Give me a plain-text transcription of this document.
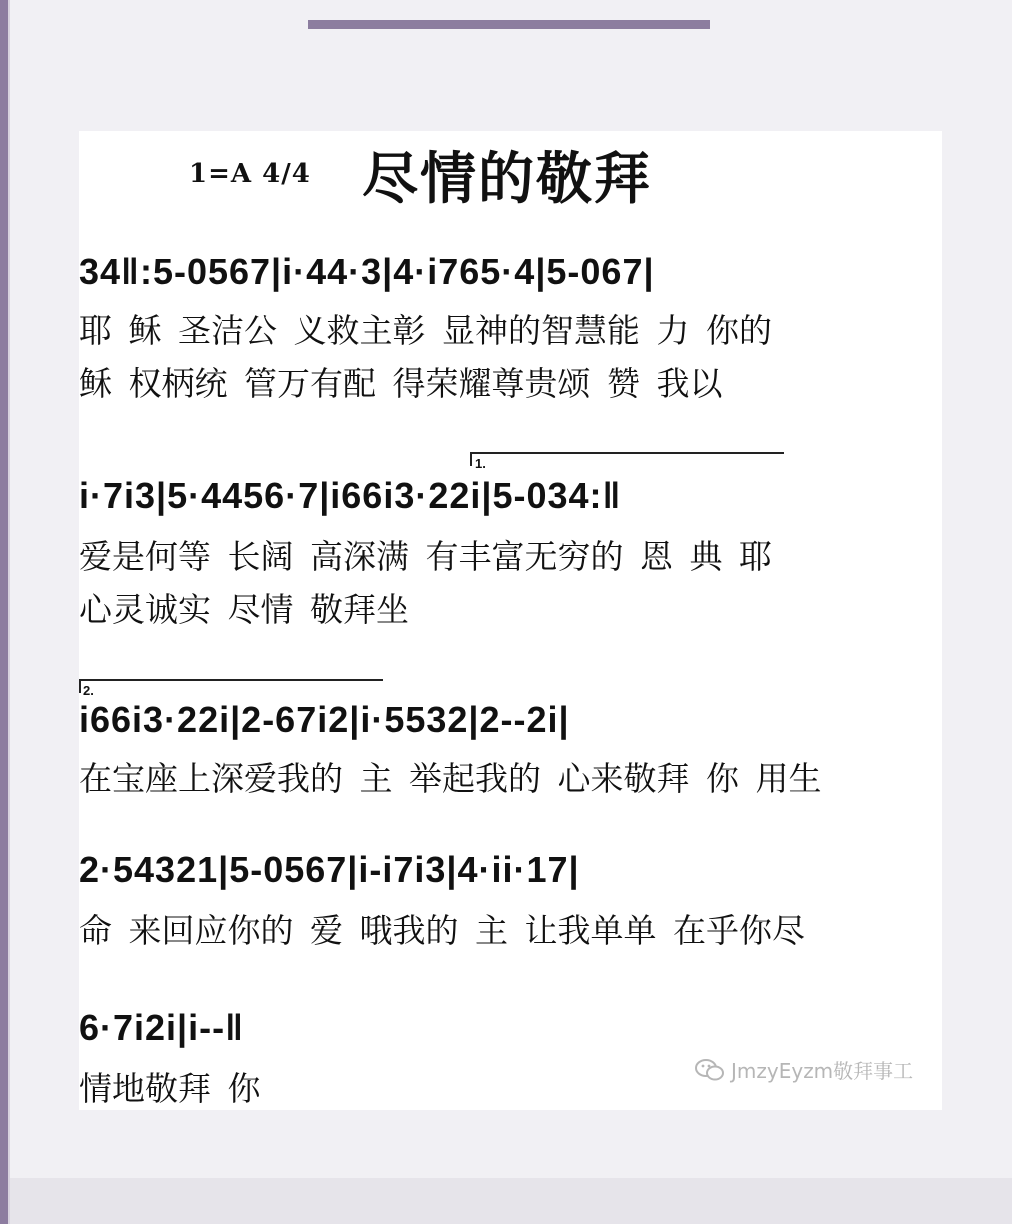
1=A 4/4 尽情的敬拜
34‖:5-0567|i·44·3|4·i765·4|5-067|
耶 稣 圣洁公 义救主彰 显神的智慧能 力 你的
稣 权柄统 管万有配 得荣耀尊贵颂 赞 我以
1.
i·7i3|5·4456·7|i66i3·22i|5-034:‖
爱是何等 长阔 高深满 有丰富无穷的 恩 典 耶
心灵诚实 尽情 敬拜坐
2.
i66i3·22i|2-67i2|i·5532|2--2i|
在宝座上深爱我的 主 举起我的 心来敬拜 你 用生
2·54321|5-0567|i-i7i3|4·ii·17|
命 来回应你的 爱 哦我的 主 让我单单 在乎你尽
6·7i2i|i--‖
情地敬拜 你	JmzyEyzm敬拜事工
